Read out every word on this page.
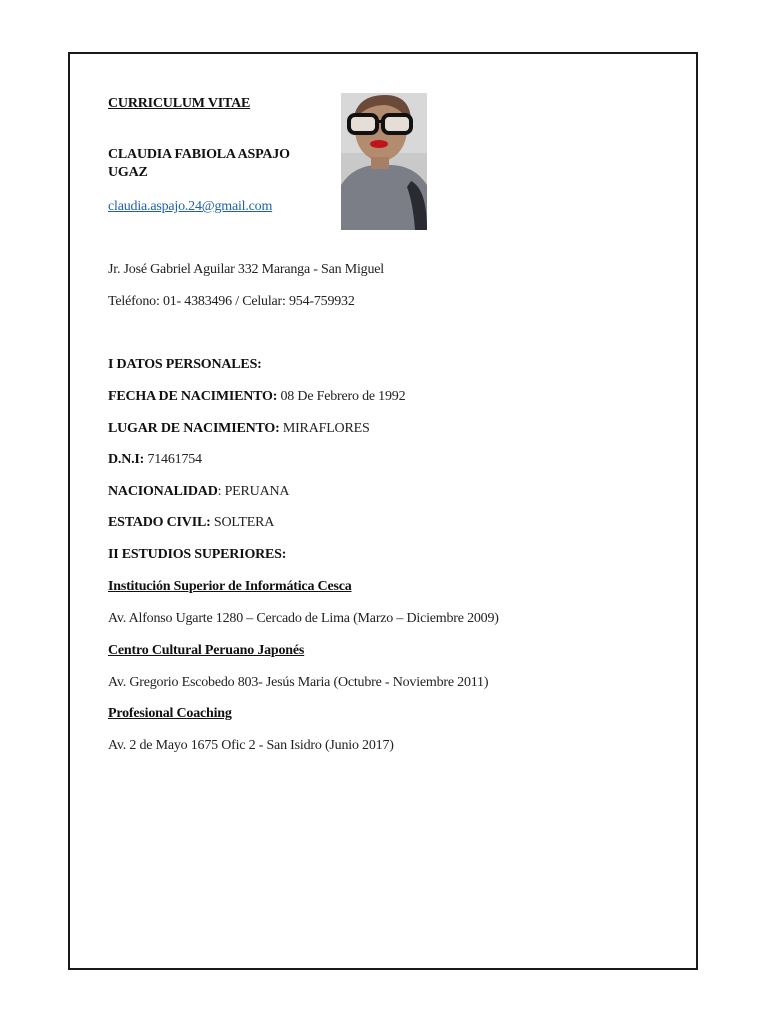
CURRICULUM VITAE
CLAUDIA FABIOLA ASPAJO
UGAZ
claudia.aspajo.24@gmail.com
Jr. José Gabriel Aguilar 332 Maranga - San Miguel
Teléfono: 01- 4383496 / Celular: 954-759932
I DATOS PERSONALES:
FECHA DE NACIMIENTO: 08 De Febrero de 1992
LUGAR DE NACIMIENTO: MIRAFLORES
D.N.I: 71461754
NACIONALIDAD: PERUANA
ESTADO CIVIL: SOLTERA
II ESTUDIOS SUPERIORES:
Institución Superior de Informática Cesca
Av. Alfonso Ugarte 1280 – Cercado de Lima (Marzo – Diciembre 2009)
Centro Cultural Peruano Japonés
Av. Gregorio Escobedo 803- Jesús Maria (Octubre - Noviembre 2011)
Profesional Coaching
Av. 2 de Mayo 1675 Ofic 2 - San Isidro (Junio 2017)
